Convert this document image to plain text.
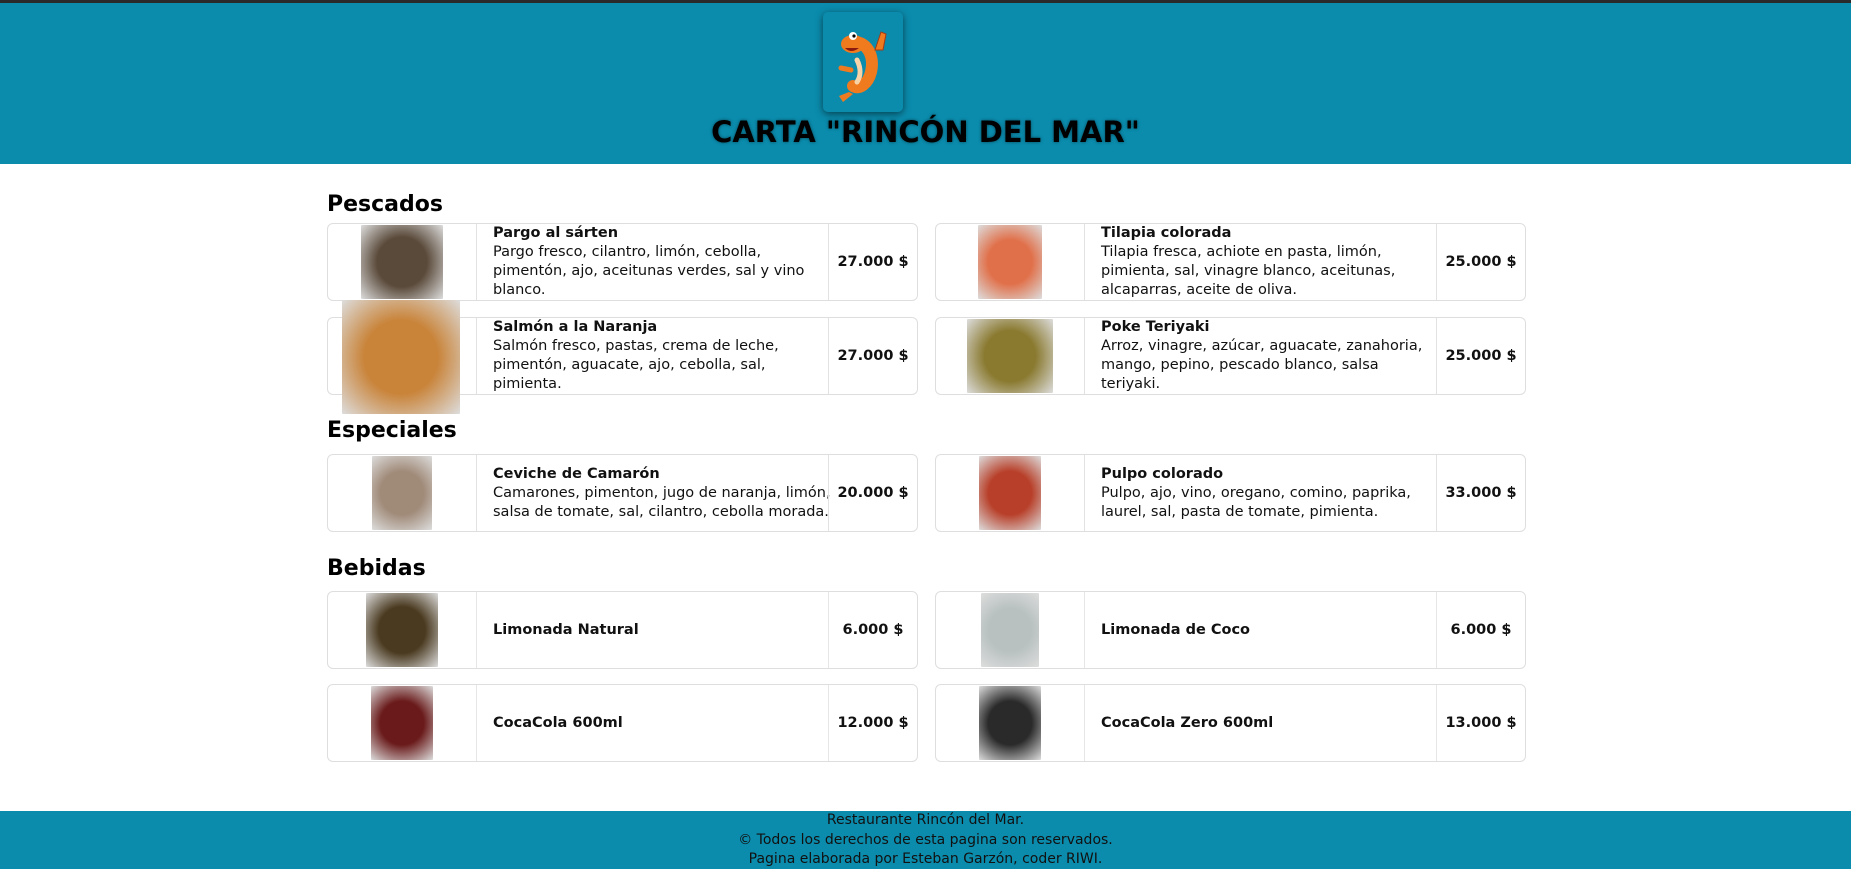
CARTA "RINCÓN DEL MAR"
Pescados
Pargo al sárten
Pargo fresco, cilantro, limón, cebolla, pimentón, ajo, aceitunas verdes, sal y vino blanco.
27.000 $
Tilapia colorada
Tilapia fresca, achiote en pasta, limón, pimienta, sal, vinagre blanco, aceitunas, alcaparras, aceite de oliva.
25.000 $
Salmón a la Naranja
Salmón fresco, pastas, crema de leche, pimentón, aguacate, ajo, cebolla, sal, pimienta.
27.000 $
Poke Teriyaki
Arroz, vinagre, azúcar, aguacate, zanahoria, mango, pepino, pescado blanco, salsa teriyaki.
25.000 $
Especiales
Ceviche de Camarón
Camarones, pimenton, jugo de naranja, limón, salsa de tomate, sal, cilantro, cebolla morada.
20.000 $
Pulpo colorado
Pulpo, ajo, vino, oregano, comino, paprika, laurel, sal, pasta de tomate, pimienta.
33.000 $
Bebidas
Limonada Natural	6.000 $	Limonada de Coco	6.000 $
CocaCola 600ml	12.000 $	CocaCola Zero 600ml	13.000 $
Restaurante Rincón del Mar.
© Todos los derechos de esta pagina son reservados.
Pagina elaborada por Esteban Garzón, coder RIWI.
